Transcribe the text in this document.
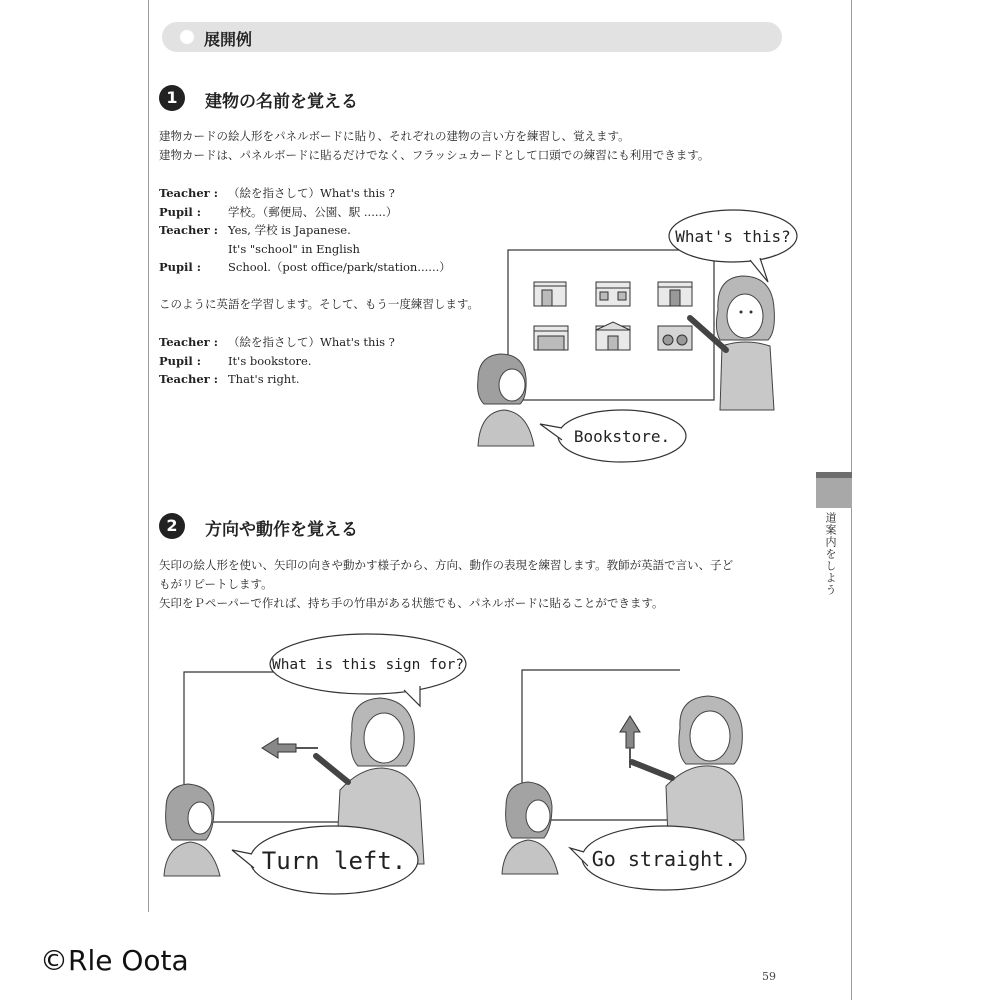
展開例
1	建物の名前を覚える
建物カードの絵人形をパネルボードに貼り、それぞれの建物の言い方を練習し、覚えます。
建物カードは、パネルボードに貼るだけでなく、フラッシュカードとして口頭での練習にも利用できます。
Teacher : （絵を指さして）What's this ?
Pupil :	学校。（郵便局、公園、駅 ......）
Teacher : Yes, 学校 is Japanese.
It's "school" in English
Pupil :	School.（post office/park/station......）
このように英語を学習します。そして、もう一度練習します。
Teacher : （絵を指さして）What's this ?
Pupil :	It's bookstore.
Teacher : That's right.
What's this?
Bookstore.
道案内をしよう
2	方向や動作を覚える
矢印の絵人形を使い、矢印の向きや動かす様子から、方向、動作の表現を練習します。教師が英語で言い、子ど
もがリピートします。
矢印をＰペーパーで作れば、持ち手の竹串がある状態でも、パネルボードに貼ることができます。
What is this sign for?
Turn left.	Go straight.
59
©Rle Oota
